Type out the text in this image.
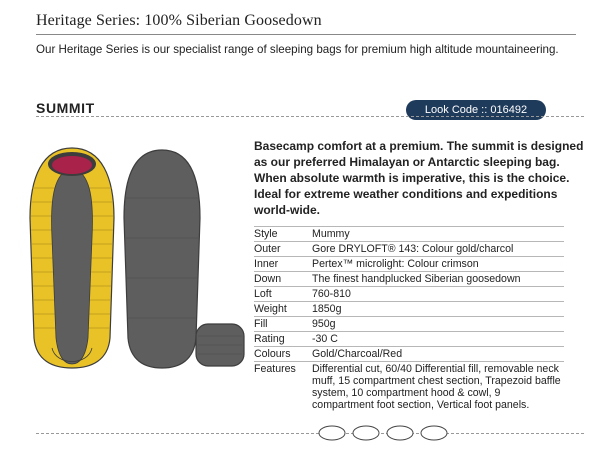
Heritage Series: 100% Siberian Goosedown
Our Heritage Series is our specialist range of sleeping bags for premium high altitude mountaineering.
SUMMIT	Look Code :: 016492
Basecamp comfort at a premium. The summit is designed as our preferred Himalayan or Antarctic sleeping bag. When absolute warmth is imperative, this is the choice. Ideal for extreme weather conditions and expeditions world-wide.
Style	Mummy
Outer	Gore DRYLOFT® 143: Colour gold/charcol
Inner	Pertex™ microlight: Colour crimson
Down	The finest handplucked Siberian goosedown
Loft	760-810
Weight	1850g
Fill	950g
Rating	-30 C
Colours	Gold/Charcoal/Red
Features	Differential cut, 60/40 Differential fill, removable neck muff, 15 compartment chest section, Trapezoid baffle system, 10 compartment hood & cowl, 9 compartment foot section, Vertical foot panels.
